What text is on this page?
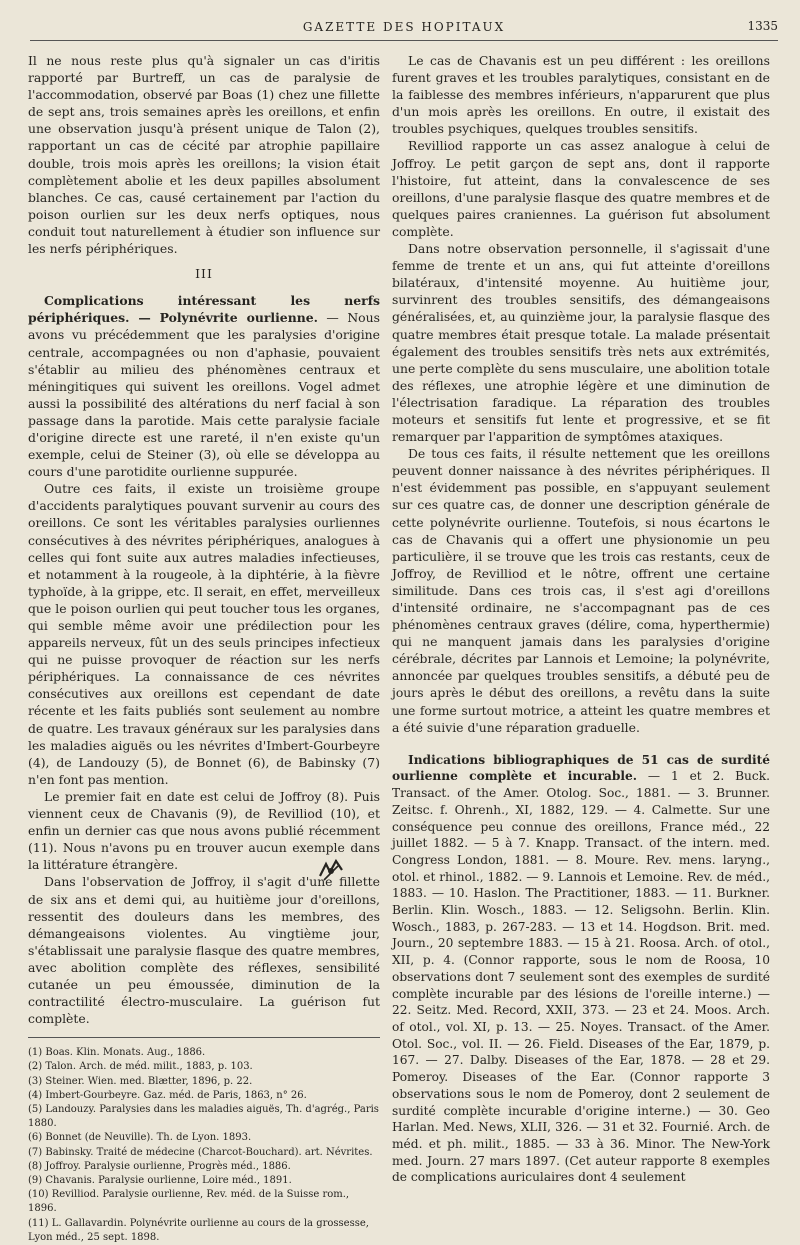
GAZETTE DES HOPITAUX	1335

Il ne nous reste plus qu'à signaler un cas d'iritis rapporté par Burtreff, un cas de paralysie de l'accommodation, observé par Boas (1) chez une fillette de sept ans, trois semaines après les oreillons, et enfin une observation jusqu'à présent unique de Talon (2), rapportant un cas de cécité par atrophie papillaire double, trois mois après les oreillons; la vision était complètement abolie et les deux papilles absolument blanches. Ce cas, causé certainement par l'action du poison ourlien sur les deux nerfs optiques, nous conduit tout naturellement à étudier son influence sur les nerfs périphériques.

III

Complications intéressant les nerfs périphériques. — Polynévrite ourlienne. — Nous avons vu précédemment que les paralysies d'origine centrale, accompagnées ou non d'aphasie, pouvaient s'établir au milieu des phénomènes centraux et méningitiques qui suivent les oreillons. Vogel admet aussi la possibilité des altérations du nerf facial à son passage dans la parotide. Mais cette paralysie faciale d'origine directe est une rareté, il n'en existe qu'un exemple, celui de Steiner (3), où elle se développa au cours d'une parotidite ourlienne suppurée.

Outre ces faits, il existe un troisième groupe d'accidents paralytiques pouvant survenir au cours des oreillons. Ce sont les véritables paralysies ourliennes consécutives à des névrites périphériques, analogues à celles qui font suite aux autres maladies infectieuses, et notamment à la rougeole, à la diphtérie, à la fièvre typhoïde, à la grippe, etc. Il serait, en effet, merveilleux que le poison ourlien qui peut toucher tous les organes, qui semble même avoir une prédilection pour les appareils nerveux, fût un des seuls principes infectieux qui ne puisse provoquer de réaction sur les nerfs périphériques. La connaissance de ces névrites consécutives aux oreillons est cependant de date récente et les faits publiés sont seulement au nombre de quatre. Les travaux généraux sur les paralysies dans les maladies aiguës ou les névrites d'Imbert-Gourbeyre (4), de Landouzy (5), de Bonnet (6), de Babinsky (7) n'en font pas mention.

Le premier fait en date est celui de Joffroy (8). Puis viennent ceux de Chavanis (9), de Revilliod (10), et enfin un dernier cas que nous avons publié récemment (11). Nous n'avons pu en trouver aucun exemple dans la littérature étrangère.

Dans l'observation de Joffroy, il s'agit d'une fillette de six ans et demi qui, au huitième jour d'oreillons, ressentit des douleurs dans les membres, des démangeaisons violentes. Au vingtième jour, s'établissait une paralysie flasque des quatre membres, avec abolition complète des réflexes, sensibilité cutanée un peu émoussée, diminution de la contractilité électro-musculaire. La guérison fut complète.

(1) Boas. Klin. Monats. Aug., 1886.
(2) Talon. Arch. de méd. milit., 1883, p. 103.
(3) Steiner. Wien. med. Blætter, 1896, p. 22.
(4) Imbert-Gourbeyre. Gaz. méd. de Paris, 1863, n° 26.
(5) Landouzy. Paralysies dans les maladies aiguës, Th. d'agrég., Paris 1880.
(6) Bonnet (de Neuville). Th. de Lyon. 1893.
(7) Babinsky. Traité de médecine (Charcot-Bouchard). art. Névrites.
(8) Joffroy. Paralysie ourlienne, Progrès méd., 1886.
(9) Chavanis. Paralysie ourlienne, Loire méd., 1891.
(10) Revilliod. Paralysie ourlienne, Rev. méd. de la Suisse rom., 1896.
(11) L. Gallavardin. Polynévrite ourlienne au cours de la grossesse, Lyon méd., 25 sept. 1898.

Le cas de Chavanis est un peu différent : les oreillons furent graves et les troubles paralytiques, consistant en de la faiblesse des membres inférieurs, n'apparurent que plus d'un mois après les oreillons. En outre, il existait des troubles psychiques, quelques troubles sensitifs.

Revilliod rapporte un cas assez analogue à celui de Joffroy. Le petit garçon de sept ans, dont il rapporte l'histoire, fut atteint, dans la convalescence de ses oreillons, d'une paralysie flasque des quatre membres et de quelques paires craniennes. La guérison fut absolument complète.

Dans notre observation personnelle, il s'agissait d'une femme de trente et un ans, qui fut atteinte d'oreillons bilatéraux, d'intensité moyenne. Au huitième jour, survinrent des troubles sensitifs, des démangeaisons généralisées, et, au quinzième jour, la paralysie flasque des quatre membres était presque totale. La malade présentait également des troubles sensitifs très nets aux extrémités, une perte complète du sens musculaire, une abolition totale des réflexes, une atrophie légère et une diminution de l'électrisation faradique. La réparation des troubles moteurs et sensitifs fut lente et progressive, et se fit remarquer par l'apparition de symptômes ataxiques.

De tous ces faits, il résulte nettement que les oreillons peuvent donner naissance à des névrites périphériques. Il n'est évidemment pas possible, en s'appuyant seulement sur ces quatre cas, de donner une description générale de cette polynévrite ourlienne. Toutefois, si nous écartons le cas de Chavanis qui a offert une physionomie un peu particulière, il se trouve que les trois cas restants, ceux de Joffroy, de Revilliod et le nôtre, offrent une certaine similitude. Dans ces trois cas, il s'est agi d'oreillons d'intensité ordinaire, ne s'accompagnant pas de ces phénomènes centraux graves (délire, coma, hyperthermie) qui ne manquent jamais dans les paralysies d'origine cérébrale, décrites par Lannois et Lemoine; la polynévrite, annoncée par quelques troubles sensitifs, a débuté peu de jours après le début des oreillons, a revêtu dans la suite une forme surtout motrice, a atteint les quatre membres et a été suivie d'une réparation graduelle.

Indications bibliographiques de 51 cas de surdité ourlienne complète et incurable. — 1 et 2. Buck. Transact. of the Amer. Otolog. Soc., 1881. — 3. Brunner. Zeitsc. f. Ohrenh., XI, 1882, 129. — 4. Calmette. Sur une conséquence peu connue des oreillons, France méd., 22 juillet 1882. — 5 à 7. Knapp. Transact. of the intern. med. Congress London, 1881. — 8. Moure. Rev. mens. laryng., otol. et rhinol., 1882. — 9. Lannois et Lemoine. Rev. de méd., 1883. — 10. Haslon. The Practitioner, 1883. — 11. Burkner. Berlin. Klin. Wosch., 1883. — 12. Seligsohn. Berlin. Klin. Wosch., 1883, p. 267-283. — 13 et 14. Hogdson. Brit. med. Journ., 20 septembre 1883. — 15 à 21. Roosa. Arch. of otol., XII, p. 4. (Connor rapporte, sous le nom de Roosa, 10 observations dont 7 seulement sont des exemples de surdité complète incurable par des lésions de l'oreille interne.) — 22. Seitz. Med. Record, XXII, 373. — 23 et 24. Moos. Arch. of otol., vol. XI, p. 13. — 25. Noyes. Transact. of the Amer. Otol. Soc., vol. II. — 26. Field. Diseases of the Ear, 1879, p. 167. — 27. Dalby. Diseases of the Ear, 1878. — 28 et 29. Pomeroy. Diseases of the Ear. (Connor rapporte 3 observations sous le nom de Pomeroy, dont 2 seulement de surdité complète incurable d'origine interne.) — 30. Geo Harlan. Med. News, XLII, 326. — 31 et 32. Fournié. Arch. de méd. et ph. milit., 1885. — 33 à 36. Minor. The New-York med. Journ. 27 mars 1897. (Cet auteur rapporte 8 exemples de complications auriculaires dont 4 seulement
